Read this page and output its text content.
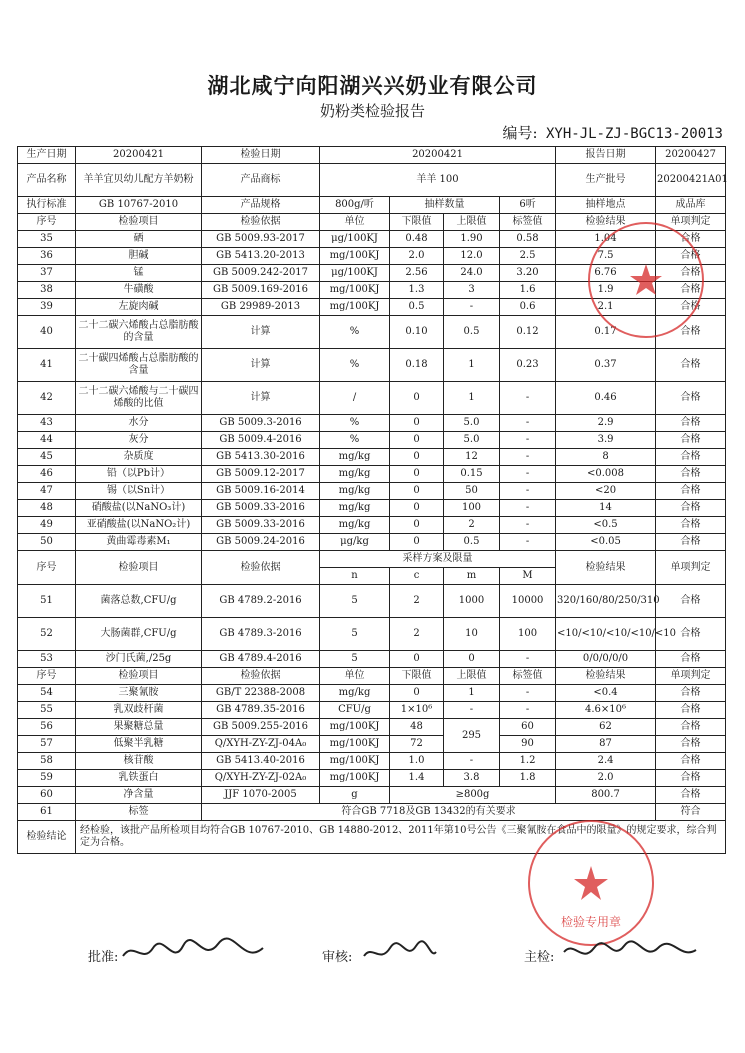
湖北咸宁向阳湖兴兴奶业有限公司
奶粉类检验报告
编号: XYH-JL-ZJ-BGC13-20013
生产日期	20200421	检验日期	20200421				报告日期	20200427
产品名称	羊羊宜贝幼儿配方羊奶粉	产品商标	羊羊 100				生产批号	20200421A01
执行标准	GB 10767-2010	产品规格	800g/听	抽样数量		6听	抽样地点	成品库
序号	检验项目	检验依据	单位	下限值	上限值	标签值	检验结果	单项判定
35	硒	GB 5009.93-2017	μg/100KJ	0.48	1.90	0.58	1.04	合格
36	胆碱	GB 5413.20-2013	mg/100KJ	2.0	12.0	2.5	7.5	合格
37	锰	GB 5009.242-2017	μg/100KJ	2.56	24.0	3.20	6.76	合格
38	牛磺酸	GB 5009.169-2016	mg/100KJ	1.3	3	1.6	1.9	合格
39	左旋肉碱	GB 29989-2013	mg/100KJ	0.5	-	0.6	2.1	合格
40	二十二碳六烯酸占总脂肪酸的含量	计算	%	0.10	0.5	0.12	0.17	合格
41	二十碳四烯酸占总脂肪酸的含量	计算	%	0.18	1	0.23	0.37	合格
42	二十二碳六烯酸与二十碳四烯酸的比值	计算	/	0	1	-	0.46	合格
43	水分	GB 5009.3-2016	%	0	5.0	-	2.9	合格
44	灰分	GB 5009.4-2016	%	0	5.0	-	3.9	合格
45	杂质度	GB 5413.30-2016	mg/kg	0	12	-	8	合格
46	铅（以Pb计）	GB 5009.12-2017	mg/kg	0	0.15	-	<0.008	合格
47	锡（以Sn计）	GB 5009.16-2014	mg/kg	0	50	-	<20	合格
48	硝酸盐(以NaNO₃计)	GB 5009.33-2016	mg/kg	0	100	-	14	合格
49	亚硝酸盐(以NaNO₂计)	GB 5009.33-2016	mg/kg	0	2	-	<0.5	合格
50	黄曲霉毒素M₁	GB 5009.24-2016	μg/kg	0	0.5	-	<0.05	合格
序号	检验项目	检验依据	采样方案及限量				检验结果	单项判定
			n	c	m	M		
51	菌落总数,CFU/g	GB 4789.2-2016	5	2	1000	10000	320/160/80/250/310	合格
52	大肠菌群,CFU/g	GB 4789.3-2016	5	2	10	100	<10/<10/<10/<10/<10	合格
53	沙门氏菌,/25g	GB 4789.4-2016	5	0	0	-	0/0/0/0/0	合格
序号	检验项目	检验依据	单位	下限值	上限值	标签值	检验结果	单项判定
54	三聚氰胺	GB/T 22388-2008	mg/kg	0	1	-	<0.4	合格
55	乳双歧杆菌	GB 4789.35-2016	CFU/g	1×10⁶	-	-	4.6×10⁶	合格
56	果聚糖总量	GB 5009.255-2016	mg/100KJ	48	295	60	62	合格
57	低聚半乳糖	Q/XYH-ZY-ZJ-04A₀	mg/100KJ	72		90	87	合格
58	核苷酸	GB 5413.40-2016	mg/100KJ	1.0	-	1.2	2.4	合格
59	乳铁蛋白	Q/XYH-ZY-ZJ-02A₀	mg/100KJ	1.4	3.8	1.8	2.0	合格
60	净含量	JJF 1070-2005	g	≥800g			800.7	合格
61	标签	符合GB 7718及GB 13432的有关要求						符合
检验结论	经检验，该批产品所检项目均符合GB 10767-2010、GB 14880-2012、2011年第10号公告《三聚氰胺在食品中的限量》的规定要求，综合判定为合格。							
检验专用章
批准:	审核:	主检:
